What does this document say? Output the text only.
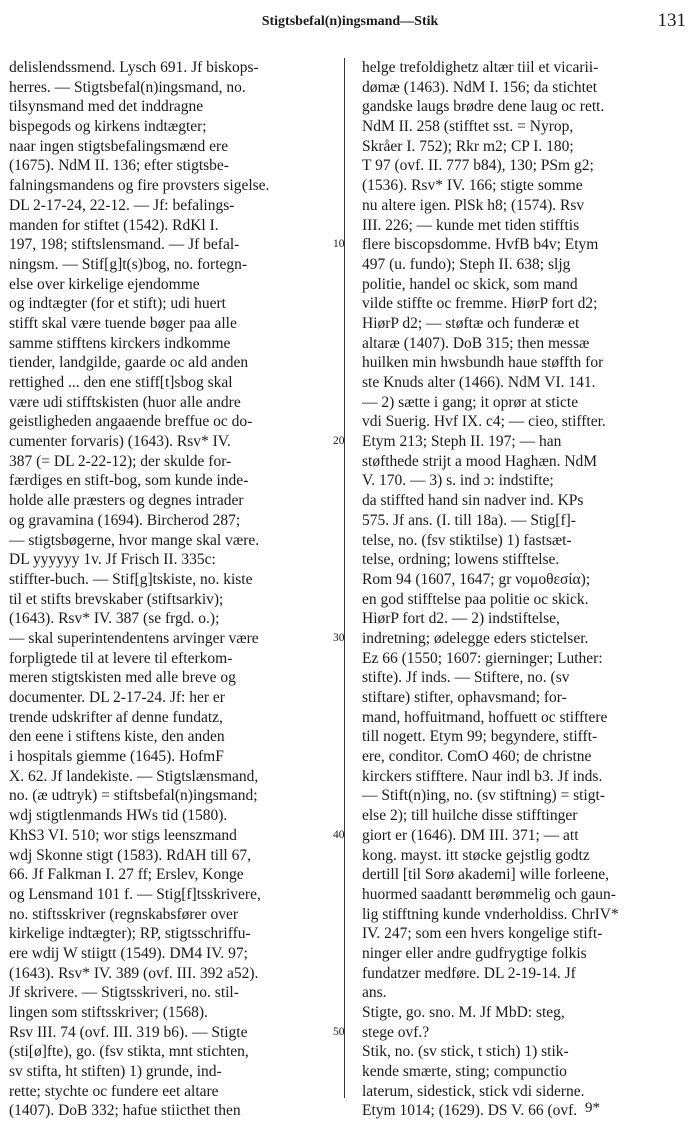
Stigtsbefal(n)ingsmand—Stik	131
delislendssmend. Lysch 691. Jf biskops-
herres. — Stigtsbefal(n)ingsmand, no.
tilsynsmand med det inddragne
bispegods og kirkens indtægter;
naar ingen stigtsbefalingsmænd ere
(1675). NdM II. 136; efter stigtsbe-
falningsmandens og fire provsters sigelse.
DL 2-17-24, 22-12. — Jf: befalings-
manden for stiftet (1542). RdKl I.
197, 198; stiftslensmand. — Jf befal-
ningsm. — Stif[g]t(s)bog, no. fortegn-
else over kirkelige ejendomme
og indtægter (for et stift); udi huert
stifft skal være tuende bøger paa alle
samme stifftens kirckers indkomme
tiender, landgilde, gaarde oc ald anden
rettighed ... den ene stiff[t]sbog skal
være udi stifftskisten (huor alle andre
geistligheden angaaende breffue oc do-
cumenter forvaris) (1643). Rsv* IV.
387 (= DL 2-22-12); der skulde for-
færdiges en stift-bog, som kunde inde-
holde alle præsters og degnes intrader
og gravamina (1694). Bircherod 287;
— stigtsbøgerne, hvor mange skal være.
DL yyyyyy 1v. Jf Frisch II. 335c:
stiffter-buch. — Stif[g]tskiste, no. kiste
til et stifts brevskaber (stiftsarkiv);
(1643). Rsv* IV. 387 (se frgd. o.);
— skal superintendentens arvinger være
forpligtede til at levere til efterkom-
meren stigtskisten med alle breve og
documenter. DL 2-17-24. Jf: her er
trende udskrifter af denne fundatz,
den eene i stiftens kiste, den anden
i hospitals giemme (1645). HofmF
X. 62. Jf landekiste. — Stigtslænsmand,
no. (æ udtryk) = stiftsbefal(n)ingsmand;
wdj stigtlenmands HWs tid (1580).
KhS3 VI. 510; wor stigs leenszmand
wdj Skonne stigt (1583). RdAH till 67,
66. Jf Falkman I. 27 ff; Erslev, Konge
og Lensmand 101 f. — Stig[f]tsskrivere,
no. stiftsskriver (regnskabsfører over
kirkelige indtægter); RP, stigtsschriffu-
ere wdij W stiigtt (1549). DM4 IV. 97;
(1643). Rsv* IV. 389 (ovf. III. 392 a52).
Jf skrivere. — Stigtsskriveri, no. stil-
lingen som stiftsskriver; (1568).
Rsv III. 74 (ovf. III. 319 b6). — Stigte
(sti[ø]fte), go. (fsv stikta, mnt stichten,
sv stifta, ht stiften) 1) grunde, ind-
rette; stychte oc fundere eet altare
(1407). DoB 332; hafue stiicthet then
10
20
30
40
50
helge trefoldighetz altær tiil et vicarii-
dømæ (1463). NdM I. 156; da stichtet
gandske laugs brødre dene laug oc rett.
NdM II. 258 (stifftet sst. = Nyrop,
Skråer I. 752); Rkr m2; CP I. 180;
T 97 (ovf. II. 777 b84), 130; PSm g2;
(1536). Rsv* IV. 166; stigte somme
nu altere igen. PlSk h8; (1574). Rsv
III. 226; — kunde met tiden stifftis
flere biscopsdomme. HvfB b4v; Etym
497 (u. fundo); Steph II. 638; sljg
politie, handel oc skick, som mand
vilde stiffte oc fremme. HiørP fort d2;
HiørP d2; — støftæ och funderæ et
altaræ (1407). DoB 315; then messæ
huilken min hwsbundh haue støffth for
ste Knuds alter (1466). NdM VI. 141.
— 2) sætte i gang; it oprør at sticte
vdi Suerig. Hvf IX. c4; — cieo, stiffter.
Etym 213; Steph II. 197; — han
støfthede strijt a mood Haghæn. NdM
V. 170. — 3) s. ind ɔ: indstifte;
da stiffted hand sin nadver ind. KPs
575. Jf ans. (I. till 18a). — Stig[f]-
telse, no. (fsv stiktilse) 1) fastsæt-
telse, ordning; lowens stifftelse.
Rom 94 (1607, 1647; gr νομοθεσία);
en god stifftelse paa politie oc skick.
HiørP fort d2. — 2) indstiftelse,
indretning; ødelegge eders stictelser.
Ez 66 (1550; 1607: gierninger; Luther:
stifte). Jf inds. — Stiftere, no. (sv
stiftare) stifter, ophavsmand; for-
mand, hoffuitmand, hoffuett oc stifftere
till nogett. Etym 99; begyndere, stifft-
ere, conditor. ComO 460; de christne
kirckers stifftere. Naur indl b3. Jf inds.
— Stift(n)ing, no. (sv stiftning) = stigt-
else 2); till huilche disse stifftinger
giort er (1646). DM III. 371; — att
kong. mayst. itt støcke gejstlig godtz
dertill [til Sorø akademi] wille forleene,
huormed saadantt berømmelig och gaun-
lig stifftning kunde vnderholdiss. ChrIV*
IV. 247; som een hvers kongelige stift-
ninger eller andre gudfrygtige folkis
fundatzer medføre. DL 2-19-14. Jf
ans.
Stigte, go. sno. M. Jf MbD: steg,
stege ovf.?
Stik, no. (sv stick, t stich) 1) stik-
kende smærte, sting; compunctio
laterum, sidestick, stick vdi siderne.
Etym 1014; (1629). DS V. 66 (ovf. 9*
